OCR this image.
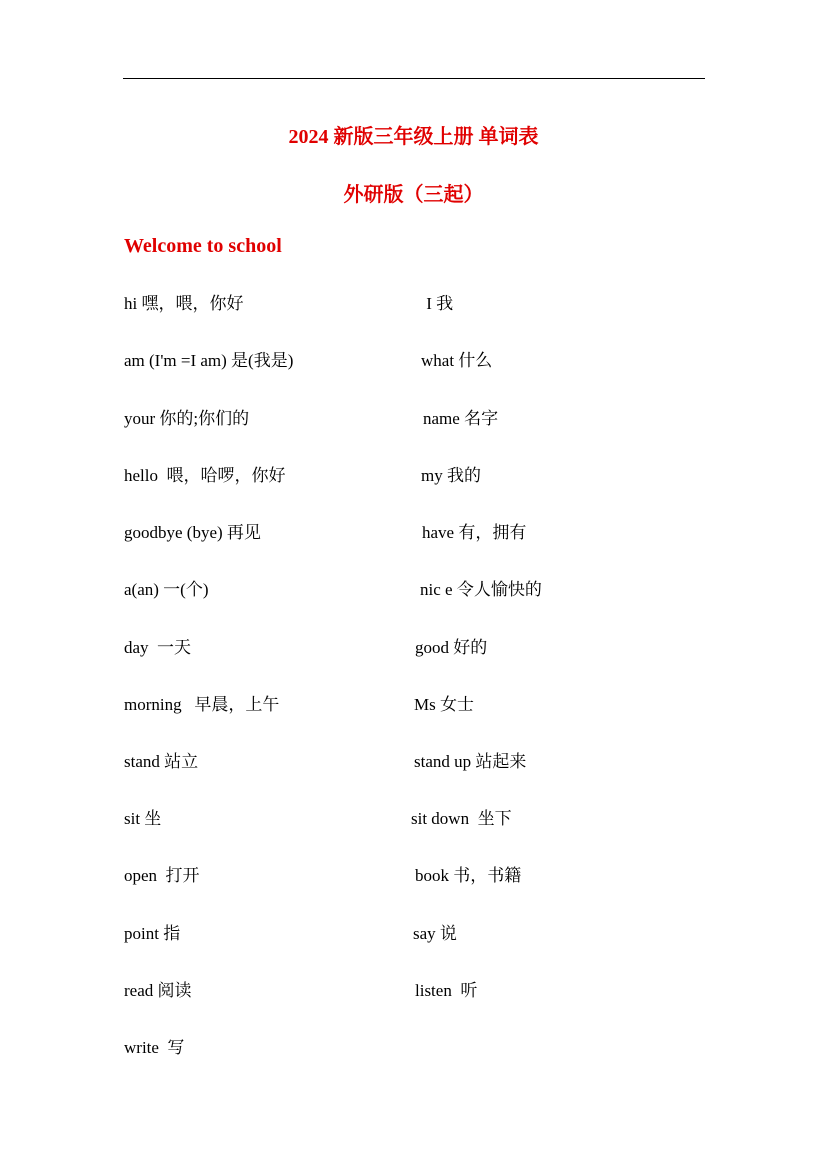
2024 新版三年级上册 单词表
外研版（三起）
Welcome to school
hi 嘿，喂，你好
am (I'm =I am) 是(我是)
your 你的;你们的
hello  喂，哈啰，你好
goodbye (bye) 再见
a(an) 一(个)
day  一天
morning   早晨，上午
stand 站立
sit 坐
open  打开
point 指
read 阅读
write  写
I 我
what 什么
name 名字
my 我的
have 有，拥有
nic e 令人愉快的
good 好的
Ms 女士
stand up 站起来
sit down  坐下
book 书，书籍
say 说
listen  听
